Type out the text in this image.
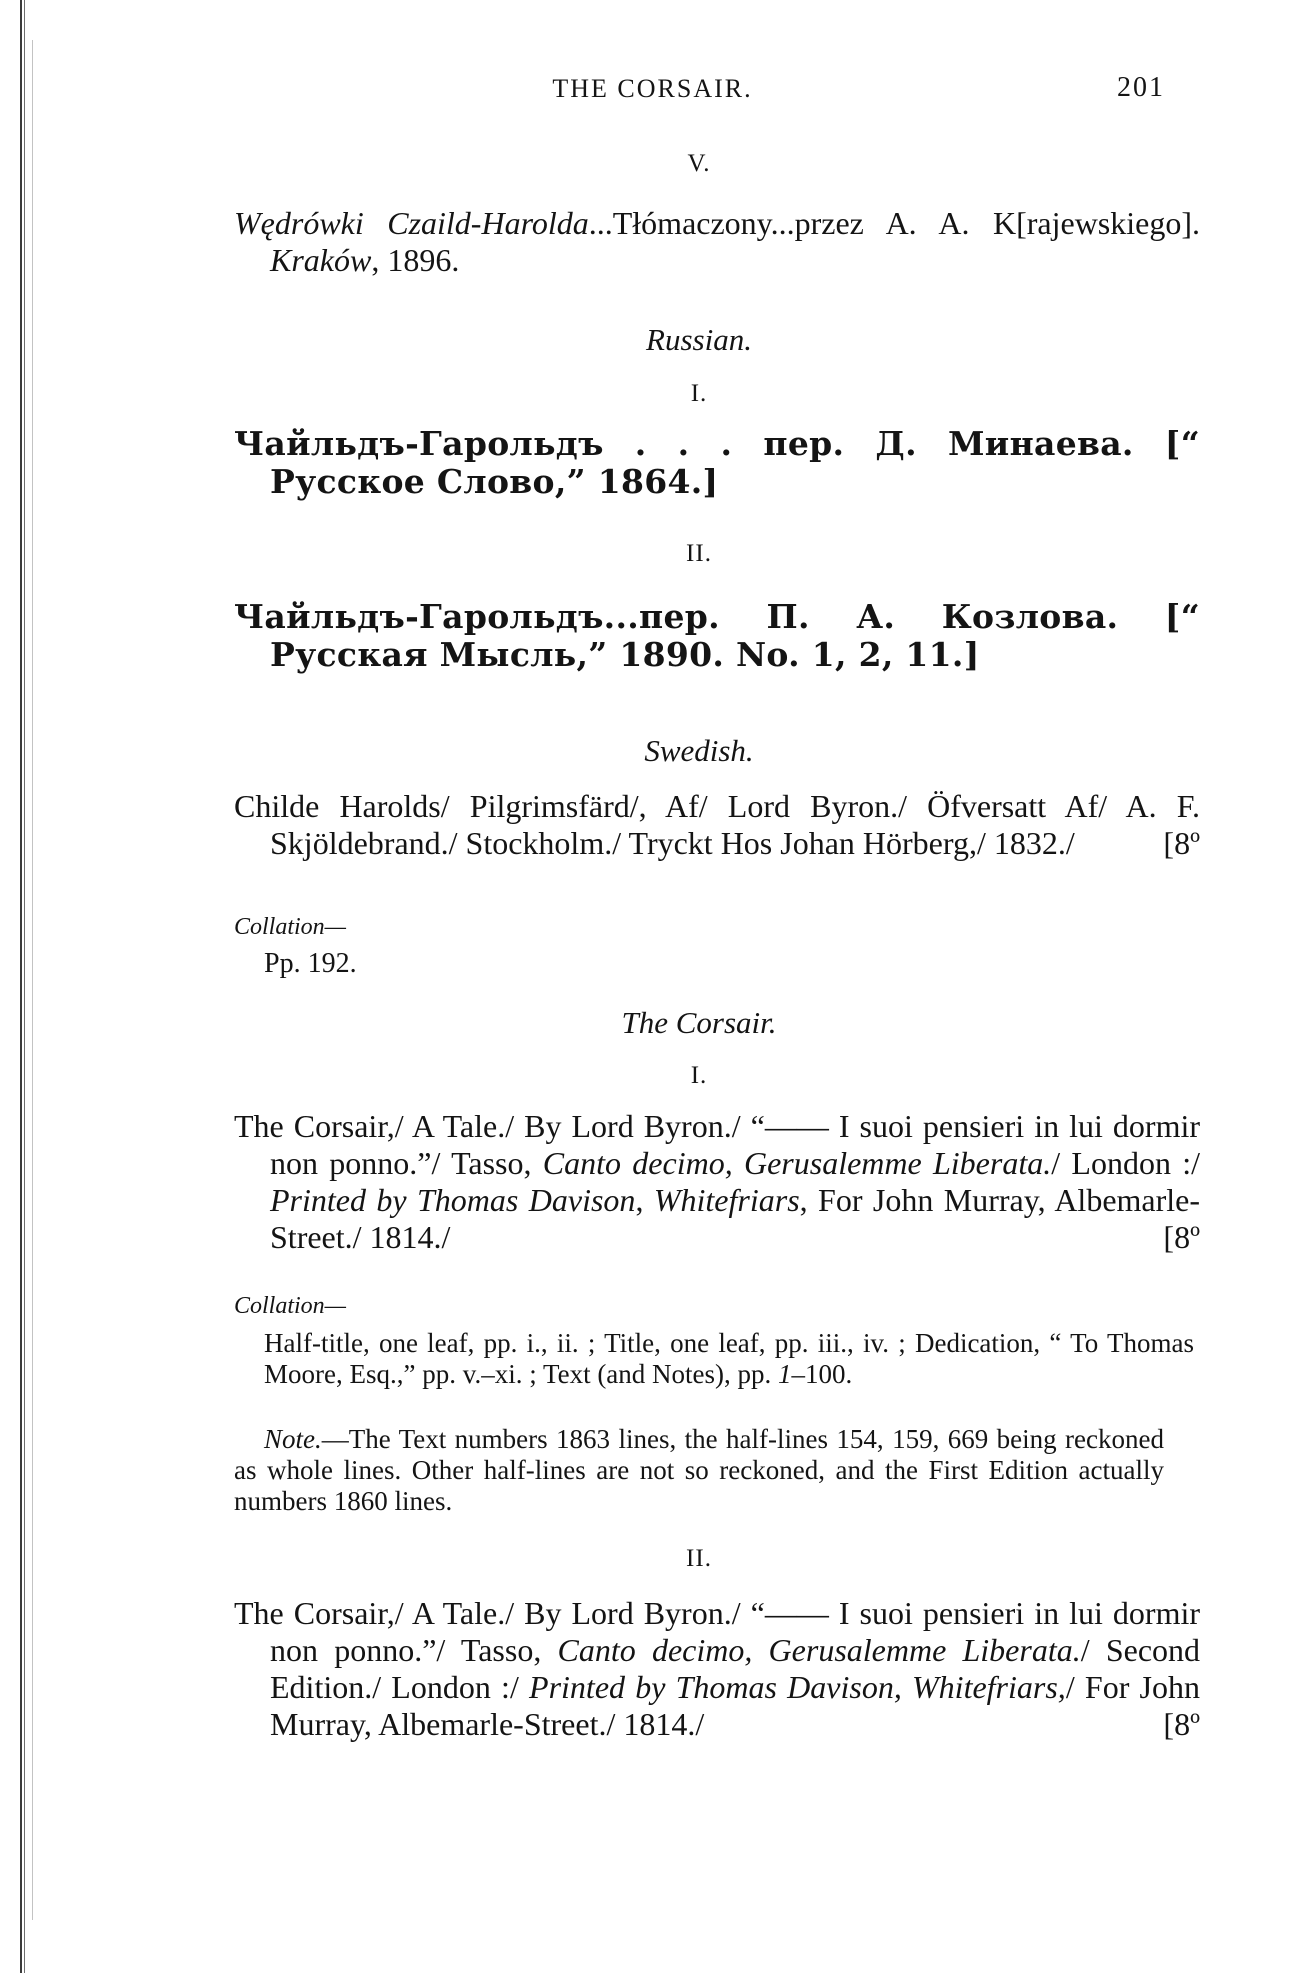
THE CORSAIR.	201
V.
Wędrówki Czaild-Harolda...Tłómaczony...przez A. A. K[rajewskiego]. Kraków, 1896.
Russian.
I.
Чайльдъ-Гарольдъ . . . пер. Д. Минаева. [“ Русское Слово,” 1864.]
II.
Чайльдъ-Гарольдъ...пер. П. А. Козлова. [“ Русская Мысль,” 1890. No. 1, 2, 11.]
Swedish.
Childe Harolds/ Pilgrimsfärd/, Af/ Lord Byron./ Öfversatt Af/ A. F. Skjöldebrand./ Stockholm./ Tryckt Hos Johan Hörberg,/ 1832./	[8º
Collation—
Pp. 192.
The Corsair.
I.
The Corsair,/ A Tale./ By Lord Byron./ “—— I suoi pensieri in lui dormir non ponno.”/ Tasso, Canto decimo, Gerusalemme Liberata./ London :/ Printed by Thomas Davison, Whitefriars, For John Murray, Albemarle-Street./ 1814./	[8º
Collation—
Half-title, one leaf, pp. i., ii. ; Title, one leaf, pp. iii., iv. ; Dedication, “ To Thomas Moore, Esq.,” pp. v.–xi. ; Text (and Notes), pp. 1–100.
Note.—The Text numbers 1863 lines, the half-lines 154, 159, 669 being reckoned as whole lines. Other half-lines are not so reckoned, and the First Edition actually numbers 1860 lines.
II.
The Corsair,/ A Tale./ By Lord Byron./ “—— I suoi pensieri in lui dormir non ponno.”/ Tasso, Canto decimo, Gerusalemme Liberata./ Second Edition./ London :/ Printed by Thomas Davison, Whitefriars,/ For John Murray, Albemarle-Street./ 1814./	[8º
